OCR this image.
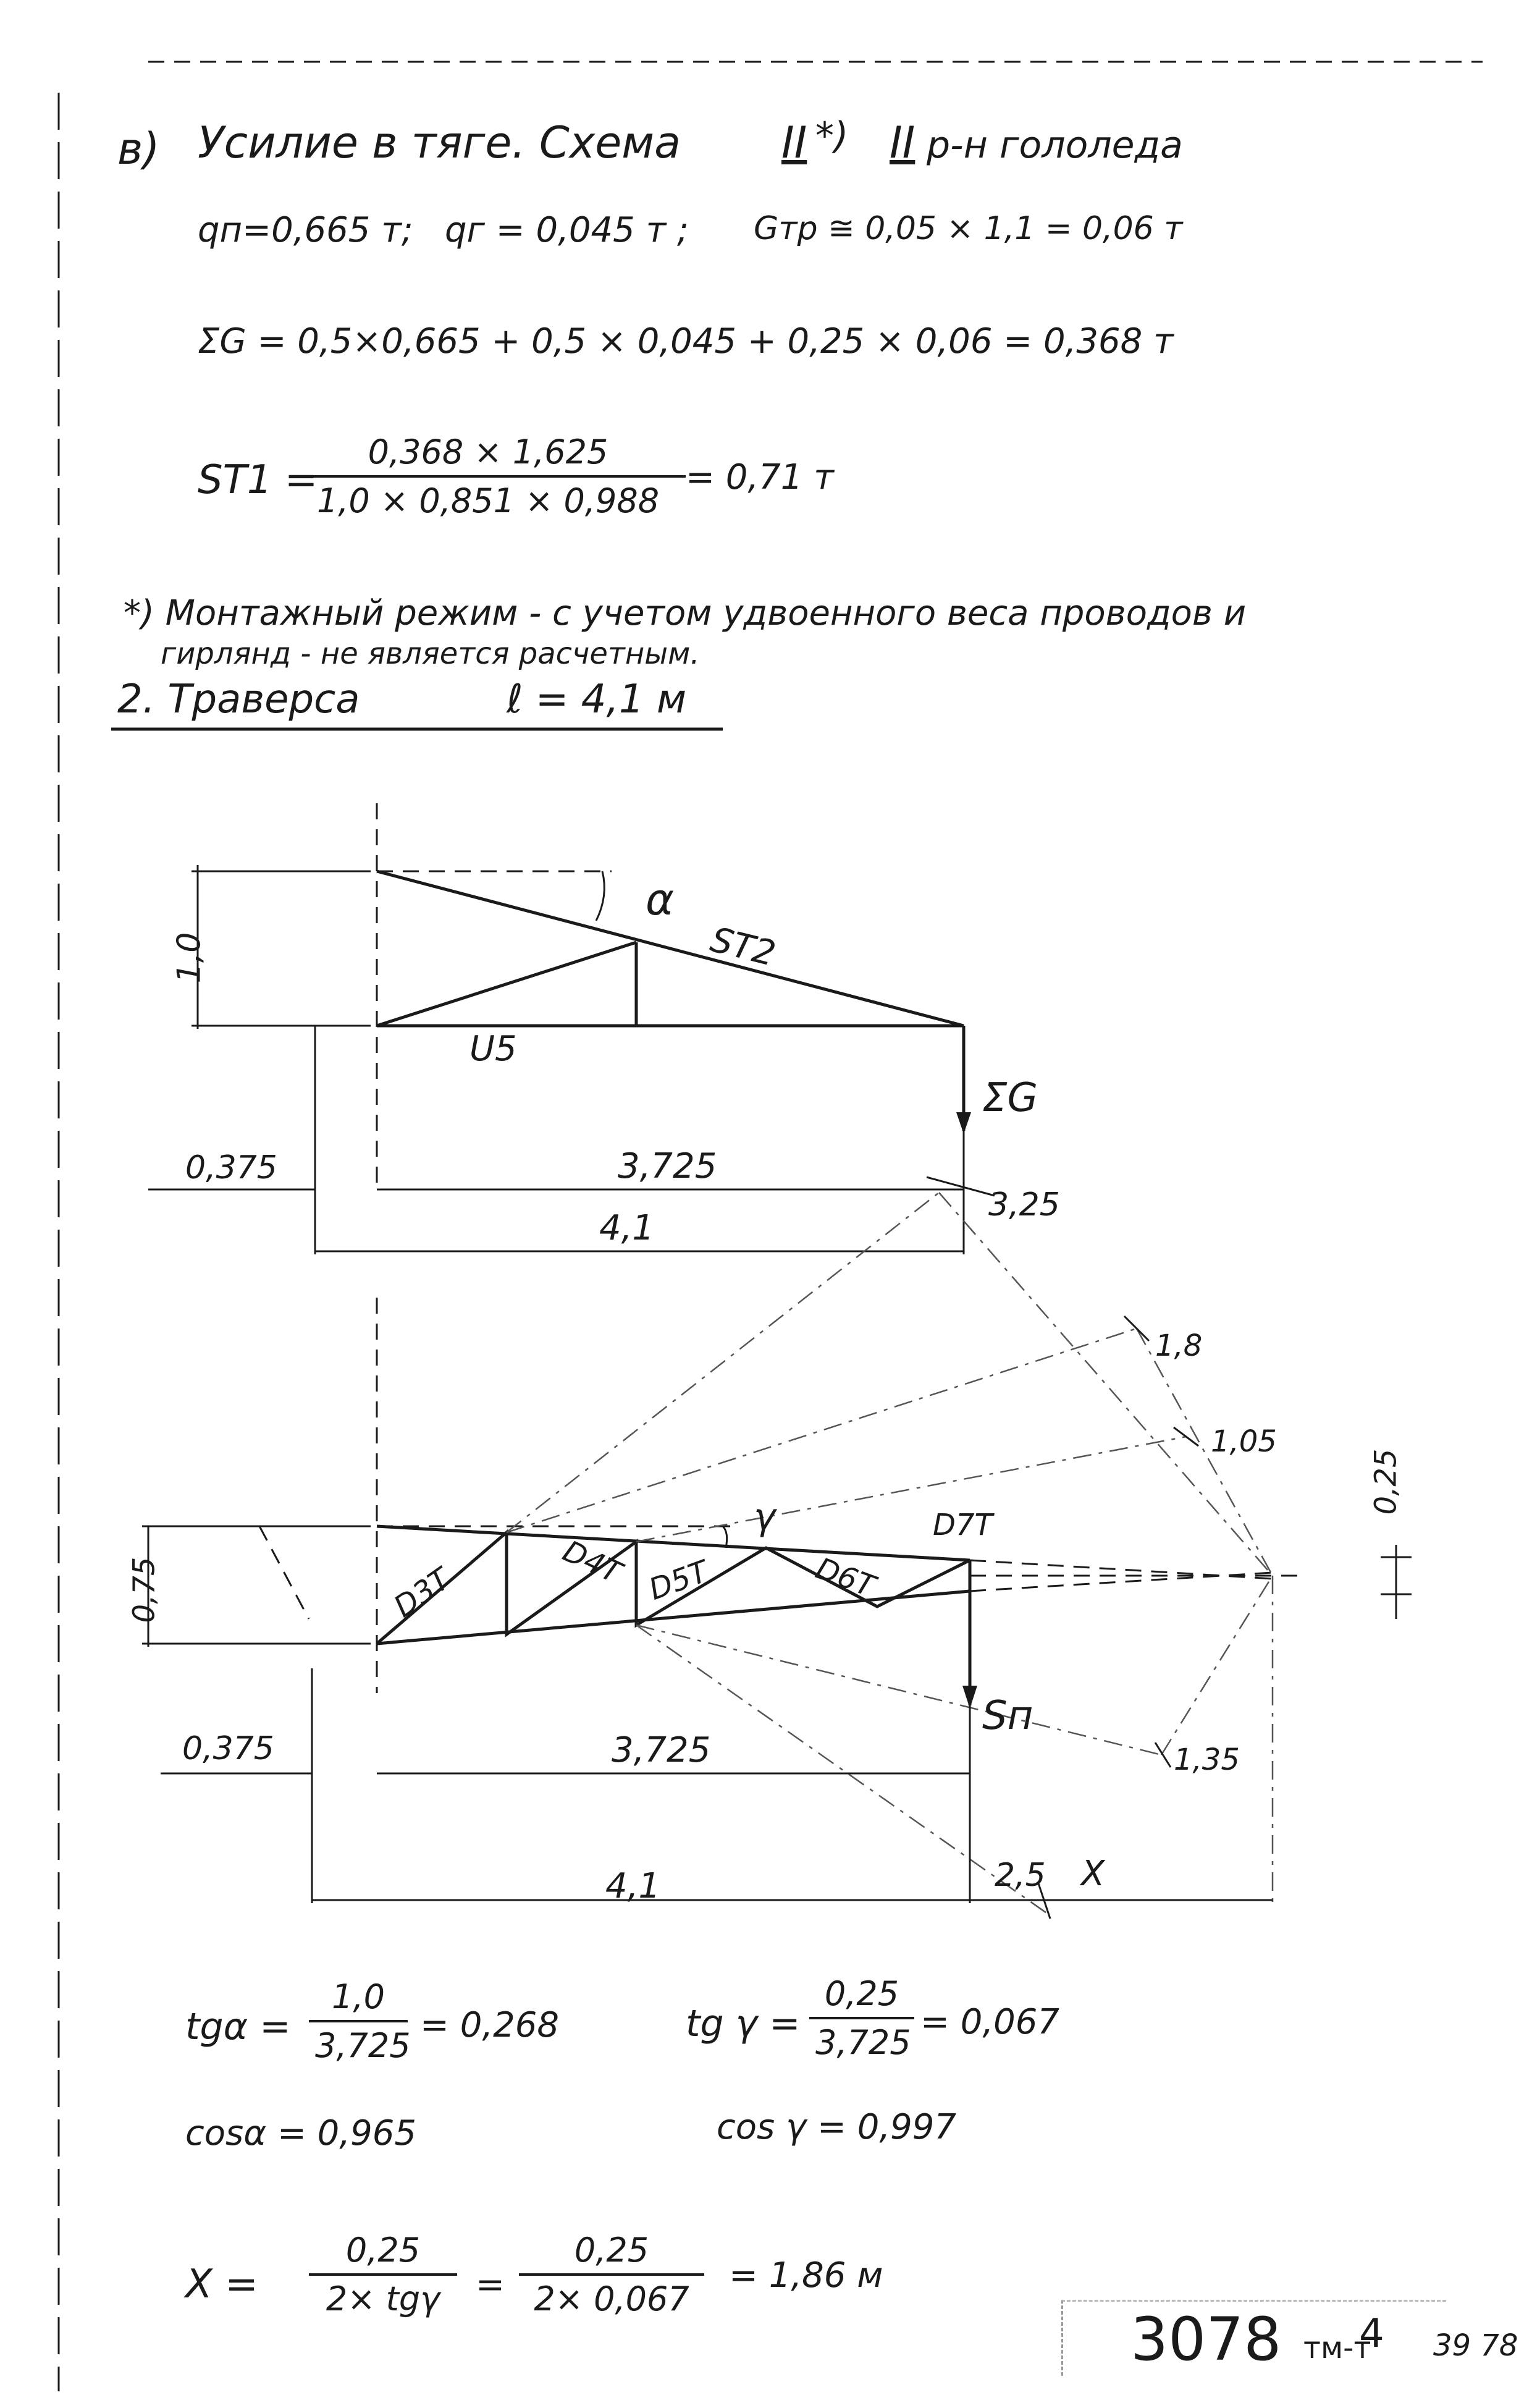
в) Усилие в тяге. Схема II *) II р-н гололеда
qп=0,665 т; qг = 0,045 т ; Gтр ≅ 0,05 × 1,1 = 0,06 т
ΣG = 0,5×0,665 + 0,5 × 0,045 + 0,25 × 0,06 = 0,368 т
ST1 =
$\frac{0,368 \times 1,625}{1,0 \times 0,851 \times 0,988} = 0,71$ т
*) Монтажный режим - с учетом удвоенного веса проводов и
гирлянд - не является расчетным.
2. Траверса	ℓ = 4,1 м
1,0
α
ST2
U5
ΣG
0,375	3,725
4,1
3,25
0,75
γ
D3T	D4T D5T	D6T
D7T
1,8
1,05
1,35
0,25
Sп
0,375	3,725
4,1	2,5 X
$tg\alpha = \frac{1,0}{3,725} = 0,268$	tg $\gamma = \frac{0,25}{3,725} = 0,067$
cosα = 0,965	cos γ = 0,997
X =
0,25
2× tgγ	= $\frac{0,25}{2\times 0,067} = 1,86$ м
3078 тм-т
4 39 78
